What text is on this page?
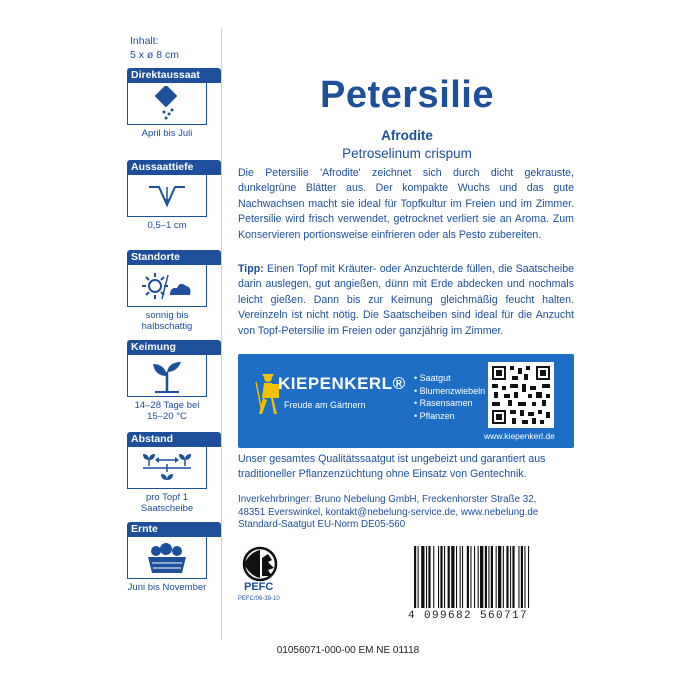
Inhalt:
5 x ø 8 cm
Direktaussaat
April bis Juli
Aussaattiefe
0,5–1 cm
Standorte
sonnig bis halbschattig
Keimung
14–28 Tage bei 15–20 °C
Abstand
pro Topf 1 Saatscheibe
Ernte
Juni bis November
Petersilie
Afrodite
Petroselinum crispum
Die Petersilie 'Afrodite' zeichnet sich durch dicht gekrauste, dunkelgrüne Blätter aus. Der kompakte Wuchs und das gute Nachwachsen macht sie ideal für Topfkultur im Freien und im Zimmer. Petersilie wird frisch verwendet, getrocknet verliert sie an Aroma. Zum Konservieren portionsweise einfrieren oder als Pesto zubereiten.
Tipp: Einen Topf mit Kräuter- oder Anzuchterde füllen, die Saatscheibe darin auslegen, gut angießen, dünn mit Erde abdecken und nochmals leicht gießen. Dann bis zur Keimung gleichmäßig feucht halten. Vereinzeln ist nicht nötig. Die Saatscheiben sind ideal für die Anzucht von Topf-Petersilie im Freien oder ganzjährig im Zimmer.
KIEPENKERL®
Freude am Gärtnern
• Saatgut
• Blumenzwiebeln
• Rasensamen
• Pflanzen
www.kiepenkerl.de
Unser gesamtes Qualitätssaatgut ist ungebeizt und garantiert aus traditioneller Pflanzenzüchtung ohne Einsatz von Gentechnik.
Inverkehrbringer: Bruno Nebelung GmbH, Freckenhorster Straße 32,
48351 Everswinkel, kontakt@nebelung-service.de, www.nebelung.de
Standard-Saatgut EU-Norm DE05-560
PEFC
PEFC/06-39-10
4 099682 560717
01056071-000-00 EM NE 01118
